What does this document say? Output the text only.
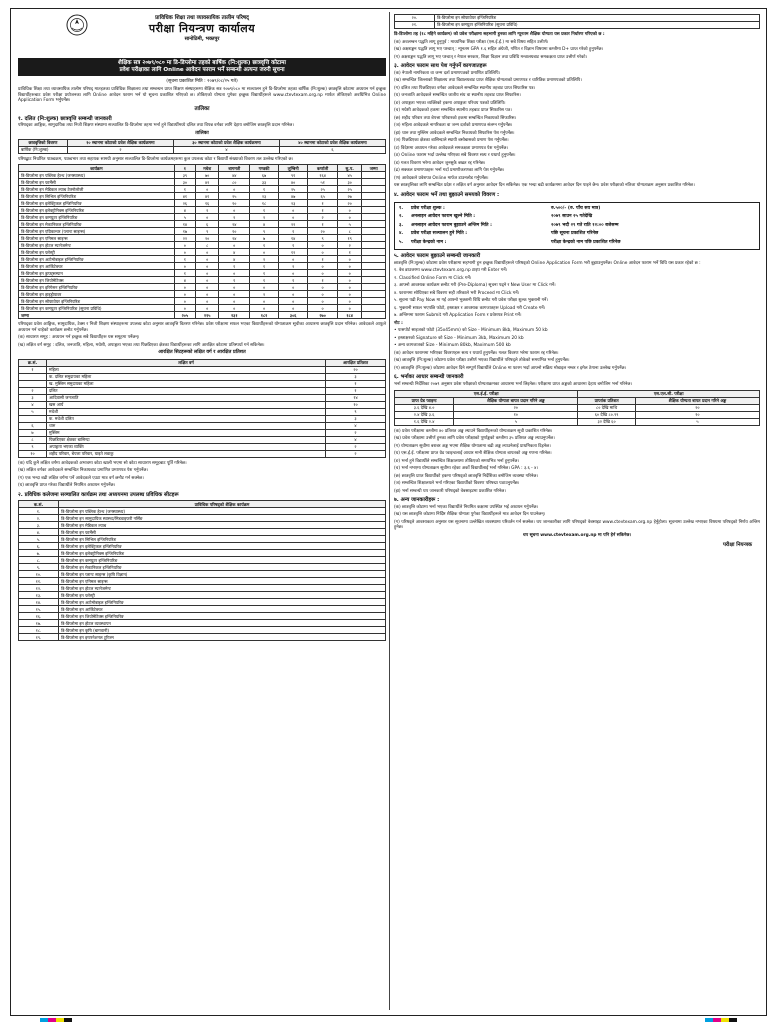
प्राविधिक शिक्षा तथा व्यावसायिक तालीम परिषद्
परीक्षा नियन्त्रण कार्यालय
सानोठिमी, भक्तपुर
शैक्षिक सत्र २०७९/०८० मा डि-डिप्लोमा तहको बार्षिक (नि:शुल्क) छात्रवृत्ति कोटामा
प्रवेश परीक्षाका लागि Online आवेदन फाराम भर्ने सम्बन्धी अत्यन्त जरुरी सूचना
(सूचना प्रकाशित मिति : २०७९/०८/२५ गते)

प्राविधिक शिक्षा तथा व्यावसायिक तालीम परिषद् मातहतका प्राविधिक शिक्षालय तथा सम्बन्धन प्राप्त शिक्षण संस्थाहरूमा शैक्षिक सत्र २०७९/०८० मा सञ्चालन हुने डि-डिप्लोमा तहका बार्षिक (नि:शुल्क) छात्रवृत्ति कोटामा अध्ययन गर्न इच्छुक विद्यार्थीहरूबाट प्रवेश परीक्षा प्रयोजनका लागि Online आवेदन फाराम भर्न यो सूचना प्रकाशित गरिएको छ। तोकिएको योग्यता पुगेका इच्छुक विद्यार्थीहरूले www.ctevtexam.org.np मार्फत तोकिएको अवधिभित्र Online Application Form भर्नुपर्नेछ।

तालिका
१. दलित (नि:शुल्क) छात्रवृत्ति सम्बन्धी जानकारी

परिषद्का आङ्गिक, सामुदायिक तथा निजी शिक्षण संस्थामा सञ्चालित डि-डिप्लोमा तहमा भर्ना हुने विद्यार्थीमध्ये दलित तथा विपन्न वर्गका लागि देहाय बमोजिम छात्रवृत्ति प्रदान गरिनेछ।

तालिका
छात्रवृत्तिको विवरण	१० स्थानमा कोटाको प्रवेश शैक्षिक कार्यक्रममा	३० स्थानमा कोटाको प्रवेश शैक्षिक कार्यक्रममा	४० स्थानमा कोटाको प्रवेश शैक्षिक कार्यक्रममा
बार्षिक (नि:शुल्क)	२	४	६

परिषद्बाट निर्धारित पाठ्यक्रम, पाठ्यभार तथा सहायक सामग्री अनुसार सञ्चालित डि-डिप्लोमा कार्यक्रमहरूमा कुल उपलब्ध कोटा र विद्यार्थी संख्याको विवरण तल उल्लेख गरिएको छ।

कार्यक्रम	१	मधेश	बागमती	गण्डकी	लुम्बिनी	कर्णाली	सु.प.	जम्मा
डि-डिप्लोमा इन पब्लिक हेल्थ (जनस्वास्थ्य)	३९	७०	४४	६७	९१	१६४	४५	
डि-डिप्लोमा इन फार्मेसी	३०	४२	८०	३३	४०	५१	३०	
डि-डिप्लोमा इन मेडिकल ल्याब टेक्नोलोजी	१	०	०	१	२५	२५	२५	
डि-डिप्लोमा इन सिभिल इन्जिनियरिङ	४१	४१	२५	२३	४७	६५	२७	
डि-डिप्लोमा इन इलेक्ट्रिकल इन्जिनियरिङ	२६	१६	१०	१८	२३	१	२०	
डि-डिप्लोमा इन इलेक्ट्रोनिक्स इन्जिनियरिङ	४	२	०	१	०	१	०	
डि-डिप्लोमा इन कम्प्युटर इन्जिनियरिङ	५	०	२	२	०	२	०	
डि-डिप्लोमा इन मेकानिकल इन्जिनियरिङ	१४	६	२४	४	२२	१	५	
डि-डिप्लोमा इन एग्रिकल्चर (प्लान्ट साइन्स)	१७	९	१०	९	१	२०	८	
डि-डिप्लोमा इन एनिमल साइन्स	२२	२०	२४	७	१४	९	१९	
डि-डिप्लोमा इन होटल म्यानेजमेन्ट	०	८	०	१	१	०	२	
डि-डिप्लोमा इन फरेस्ट्री	०	०	४	०	१२	०	१	
डि-डिप्लोमा इन अटोमोबाइल इन्जिनियरिङ	१	०	४	२	०	१	०	
डि-डिप्लोमा इन आर्किटेक्चर	०	०	१	१	२	०	०	
डि-डिप्लोमा इन ड्राफ्ट्सम्यान	१	०	०	१	०	०	०	
डि-डिप्लोमा इन जियोमेटिक्स	४	०	१	१	१	१	०	
डि-डिप्लोमा इन इरिगेसन इन्जिनियरिङ	०	०	०	०	०	०	०	
डि-डिप्लोमा इन हाइड्रोपावर	०	०	०	२	०	०	०	
डि-डिप्लोमा इन सोफ्टवेयर इन्जिनियरिङ	०	०	०	०	०	०	०	
डि-डिप्लोमा इन कम्प्युटर इन्जिनियरिङ (सूचना प्रविधि)	०	०	०	०	०	०	०	
जम्मा	२०५	२१५	२३१	१८२	३०६	२७०	१८४	

परिषद्का प्रवेश आङ्गिक, सामुदायिक, टेक्स र निजी शिक्षण संस्थाहरूमा उपलब्ध कोटा अनुसार छात्रवृत्ति वितरण गरिनेछ। प्रवेश परीक्षामा सफल भएका विद्यार्थीहरूको योग्यताक्रम सूचीका आधारमा छात्रवृत्ति प्रदान गरिनेछ। आवेदकले आफूले अध्ययन गर्न चाहेको कार्यक्रम छनौट गर्नुपर्नेछ।

(क) साधारण समूह : अध्ययन गर्न इच्छुक सबै विद्यार्थीहरू यस समूहमा पर्नेछन्।

(ख) लक्षित वर्ग समूह : दलित, जनजाति, महिला, मधेशी, अपाङ्गता भएका तथा पिछडिएका क्षेत्रका विद्यार्थीहरूका लागि आरक्षित कोटामा प्रतिस्पर्धा गर्न सकिनेछ।

आरक्षित सिटहरूको लक्षित वर्ग र आरक्षित प्रतिशत
क्र.सं.	लक्षित वर्ग	आरक्षित प्रतिशत
१	महिला	२०
	क. दलित समुदायका महिला	३
	ख. मुस्लिम समुदायका महिला	१
२	दलित	१
३	आदिवासी जनजाति	१४
४	खस आर्य	१०
५	मधेशी	९
	क. मधेशी दलित	३
६	थारु	४
७	मुस्लिम	२
८	पिछडिएका क्षेत्रका बासिन्दा	४
९	अपाङ्गता भएका व्यक्ति	२
१०	शहीद परिवार, बेपत्ता परिवार, घाइते लडाकु	२

(क) यदि कुनै लक्षित वर्गमा आवेदकको अभावमा कोटा खाली भएमा सो कोटा साधारण समूहबाट पूर्ति गरिनेछ।

(ख) लक्षित वर्गका आवेदकले सम्बन्धित निकायबाट प्रमाणित प्रमाणपत्र पेश गर्नुपर्नेछ।

(ग) एक भन्दा बढी लक्षित वर्गमा पर्ने आवेदकले एउटा मात्र वर्ग छनौट गर्न सक्नेछ।

(घ) छात्रवृत्ति प्राप्त गरेका विद्यार्थीले नियमित अध्ययन गर्नुपर्नेछ।

२. प्रविधिक कलेजमा सञ्चालित कार्यक्रम तथा अध्ययनमा उपलब्ध प्रविधिक सीटहरू
क.सं.	प्राविधिक परिषद्को शैक्षिक कार्यक्रम
१.	डि-डिप्लोमा इन पब्लिक हेल्थ (जनस्वास्थ्य)
२.	डि-डिप्लोमा इन सामुदायिक स्वास्थ्य/मिडवाइफरी नर्सिङ
३.	डि-डिप्लोमा इन मेडिकल ल्याब
४.	डि-डिप्लोमा इन फार्मेसी
५.	डि-डिप्लोमा इन सिभिल इन्जिनियरिङ
६.	डि-डिप्लोमा इन इलेक्ट्रिकल इन्जिनियरिङ
७.	डि-डिप्लोमा इन इलेक्ट्रोनिक्स इन्जिनियरिङ
८.	डि-डिप्लोमा इन कम्प्युटर इन्जिनियरिङ
९.	डि-डिप्लोमा इन मेकानिकल इन्जिनियरिङ
१०.	डि-डिप्लोमा इन प्लान्ट साइन्स (कृषि विज्ञान)
११.	डि-डिप्लोमा इन एनिमल साइन्स
१२.	डि-डिप्लोमा इन होटल म्यानेजमेन्ट
१३.	डि-डिप्लोमा इन फरेस्ट्री
१४.	डि-डिप्लोमा इन अटोमोबाइल इन्जिनियरिङ
१५.	डि-डिप्लोमा इन आर्किटेक्चर
१६.	डि-डिप्लोमा इन जियोमेटिक्स इन्जिनियरिङ
१७.	डि-डिप्लोमा इन होटल व्यवस्थापन
१८.	डि-डिप्लोमा इन कृषि (बागवानी)
१९.	डि-डिप्लोमा इन इन्टरनेशनल टूरिज्म
२०.	डि-डिप्लोमा इन सोफ्टवेयर इन्जिनियरिङ
२१.	डि-डिप्लोमा इन कम्प्युटर इन्जिनियरिङ (सूचना प्रविधि)

डि-डिप्लोमा तह (१८ महिने कार्यक्रम) को प्रवेश परीक्षामा सहभागी हुनका लागि न्यूनतम शैक्षिक योग्यता यस प्रकार निर्धारण गरिएको छ :

(क) अवलम्बन पद्धति लागू हुनुपूर्व : माध्यमिक शिक्षा परीक्षा (एस.ई.ई.) मा सबै विषय सहित उत्तीर्ण।

(ख) अक्षराङ्कन पद्धति लागू भए पश्चात् : न्यूनतम GPA १.६ सहित अंग्रेजी, गणित र विज्ञान विषयमा कम्तीमा D+ प्राप्त गरेको हुनुपर्नेछ।

(ग) अक्षराङ्कन पद्धति लागू भए पश्चात् र नेपाल सरकार, शिक्षा विज्ञान तथा प्रविधि मन्त्रालयबाट समकक्षता प्राप्त उत्तीर्ण गरेको।

३. आवेदन फाराम साथ पेश गर्नुपर्ने कागजातहरू

(क) नेपाली नागरिकता वा जन्म दर्ता प्रमाणपत्रको प्रमाणित प्रतिलिपि।

(ख) सम्बन्धित जिल्लाको शिक्षालय तथा विद्यालयबाट प्राप्त शैक्षिक योग्यताको प्रमाणपत्र र चारित्रिक प्रमाणपत्रको प्रतिलिपि।

(ग) दलित तथा पिछडिएका वर्गका आवेदकले सम्बन्धित स्थानीय तहबाट प्राप्त सिफारिस पत्र।

(घ) जनजाति आवेदकले सम्बन्धित जातीय संघ वा स्थानीय तहबाट प्राप्त सिफारिस।

(ङ) अपाङ्गता भएका व्यक्तिको हकमा अपाङ्गता परिचय पत्रको प्रतिलिपि।

(च) मधेशी आवेदकको हकमा सम्बन्धित स्थानीय तहबाट प्राप्त सिफारिस पत्र।

(छ) शहीद परिवार तथा बेपत्ता परिवारको हकमा सम्बन्धित निकायको सिफारिस।

(ज) महिला आवेदकले नागरिकता वा जन्म दर्ताको प्रमाणपत्र संलग्न गर्नुपर्नेछ।

(झ) थारु तथा मुस्लिम आवेदकले सम्बन्धित निकायको सिफारिस पेश गर्नुपर्नेछ।

(ञ) पिछडिएका क्षेत्रका बासिन्दाले स्थायी बसोबासको प्रमाण पेश गर्नुपर्नेछ।

(ट) विदेशमा अध्ययन गरेका आवेदकले समकक्षता प्रमाणपत्र पेश गर्नुपर्नेछ।

(ठ) Online फाराम भर्दा उल्लेख गरिएका सबै विवरण सत्य र यथार्थ हुनुपर्नेछ।

(ड) गलत विवरण भरेमा आवेदन जुनसुकै बखत रद्द गरिनेछ।

(ढ) सक्कल प्रमाणपत्रहरू भर्ना गर्दा प्रमाणीकरणका लागि पेश गर्नुपर्नेछ।

(ण) आवेदकले प्रवेशपत्र Online मार्फत डाउनलोड गर्नुपर्नेछ।

यस छात्रवृत्तिका लागि सम्बन्धित प्रदेश र लक्षित वर्ग अनुसार आवेदन दिन सकिनेछ। एक भन्दा बढी कार्यक्रममा आवेदन दिन पाइने छैन। प्रवेश परीक्षाको नतिजा योग्यताक्रम अनुसार प्रकाशित गरिनेछ।

४. आवेदन फाराम भर्ने तथा बुझाउने समयको विवरण :
१.	प्रवेश परीक्षा शुल्क :	रु.५००/- (रु. पाँच सय मात्र)
२.	अनलाइन आवेदन फाराम खुल्ने मिति :	२०७९ साउन २५ गतेदेखि
३.	अनलाइन आवेदन फाराम बुझाउने अन्तिम मिति :	२०७९ भदौ २९ गते राति १२:०० बजेसम्म
४.	प्रवेश परीक्षा सञ्चालन हुने मिति :	पछि सूचना प्रकाशित गरिनेछ
५.	परीक्षा केन्द्रको नाम :	परीक्षा केन्द्रको नाम पछि प्रकाशित गरिनेछ
५. आवेदन फाराम बुझाउने सम्बन्धी जानकारी

छात्रवृत्ति (नि:शुल्क) कोटामा प्रवेश परीक्षामा सहभागी हुन इच्छुक विद्यार्थीहरूले परिषद्को Online Application Form भरी बुझाउनुपर्नेछ। Online आवेदन फाराम भर्ने विधि यस प्रकार रहेको छ :

१. वेब ब्राउजरमा www.ctevtexam.org.np टाइप गरी Enter गर्ने।

२. Classified Online Form मा Click गर्ने।

३. आफ्नो आवश्यक कार्यक्रम छनौट गरी (Pre-Diploma) सूचना पढ्ने र New User मा Click गर्ने।

४. फाराममा सोधिएका सबै विवरण सही तरिकाले भरी Proceed मा Click गर्ने।

५. सूचना पढी Pay Now मा गई आफ्नो भुक्तानी विधि छनौट गरी प्रवेश परीक्षा शुल्क भुक्तानी गर्ने।

६. भुक्तानी सफल भएपछि फोटो, हस्ताक्षर र आवश्यक कागजातहरू Upload गरी Create गर्ने।

७. अन्तिममा फाराम Submit गरी Application Form र प्रवेशपत्र Print गर्ने।

नोट :

• पासपोर्ट साइजको फोटो (35x45mm) को Size - Minimum 8kb, Maximum 50 kb

• हस्ताक्षरको Signature को Size - Minimum 3kb, Maximum 20 kb

• अन्य कागजातको Size - Minimum 80kb, Maximum 500 kb

(क) आवेदन फाराममा भरिएका विवरणहरू सत्य र यथार्थ हुनुपर्नेछ। गलत विवरण भरेमा फाराम रद्द गरिनेछ।

(ख) छात्रवृत्ति (नि:शुल्क) कोटामा प्रवेश परीक्षा उत्तीर्ण भएका विद्यार्थीले परिषद्ले तोकेको समयभित्र भर्ना हुनुपर्नेछ।

(ग) छात्रवृत्ति (नि:शुल्क) कोटामा आवेदन दिने सम्पूर्ण विद्यार्थीले Online मा फारम भर्दा आफ्नो सक्रिय मोबाइल नम्बर र इमेल ठेगाना उल्लेख गर्नुपर्नेछ।

६. भर्नाका आधार सम्बन्धी जानकारी

भर्ना सम्बन्धी निर्देशिका २०७९ अनुसार प्रवेश परीक्षाको योग्यताक्रमका आधारमा भर्ना लिइनेछ। परीक्षामा प्राप्त अङ्कको आधारमा देहाय बमोजिम भर्ना गरिनेछ।

एस.ई.ई. परीक्षा		एस.एल.सी. परीक्षा	
प्राप्त ग्रेड प्वाइन्ट	शैक्षिक योग्यता बापत प्रदान गरिने अङ्क	प्राप्तांक प्रतिशत	शैक्षिक योग्यता बापत प्रदान गरिने अङ्क
३.६ देखि ४.०	२०	८० देखि माथि	२०
२.४ देखि ३.६	१०	६० देखि ८०.९९	१०
१.६ देखि २.४	५	३२ देखि ६०	५

(क) प्रवेश परीक्षामा कम्तीमा ४० प्रतिशत अङ्क ल्याउने विद्यार्थीहरूको योग्यताक्रम सूची प्रकाशित गरिनेछ।

(ख) प्रवेश परीक्षामा उत्तीर्ण हुनका लागि प्रवेश परीक्षाको पूर्णाङ्कको कम्तीमा ३५ प्रतिशत अङ्क ल्याउनुपर्नेछ।

(ग) योग्यताक्रम सूचीमा बराबर अङ्क भएमा शैक्षिक योग्यतामा बढी अङ्क ल्याउनेलाई प्राथमिकता दिइनेछ।

(घ) एस.ई.ई. परीक्षामा प्राप्त ग्रेड प्वाइन्टलाई आधार मानी शैक्षिक योग्यता बापतको अङ्क गणना गरिनेछ।

(ङ) भर्ना हुने विद्यार्थीले सम्बन्धित शिक्षालयमा तोकिएको समयभित्र भर्ना हुनुपर्नेछ।

(च) भर्ना नभएमा योग्यताक्रम सूचीमा रहेका अर्को विद्यार्थीलाई भर्ना गरिनेछ। GPA : ३.६ - ४।

(छ) छात्रवृत्ति प्राप्त विद्यार्थीको हकमा परिषद्को छात्रवृत्ति निर्देशिका बमोजिम व्यवस्था गरिनेछ।

(ज) सम्बन्धित शिक्षालयले भर्ना गरिएका विद्यार्थीको विवरण परिषद्मा पठाउनुपर्नेछ।

(झ) भर्ना सम्बन्धी थप जानकारी परिषद्को वेबसाइटमा प्रकाशित गरिनेछ।

७. अन्य जानकारीहरू :

(क) छात्रवृत्ति कोटामा भर्ना भएका विद्यार्थीले नियमित कक्षामा उपस्थित भई अध्ययन गर्नुपर्नेछ।

(ख) यस छात्रवृत्ति कोटामा निर्दिष्ट शैक्षिक योग्यता पुगेका विद्यार्थीहरूले मात्र आवेदन दिन पाउनेछन्।

(ग) परिषद्ले आवश्यकता अनुसार यस सूचनामा उल्लेखित व्यवस्थामा परिवर्तन गर्न सक्नेछ। थप जानकारीका लागि परिषद्को वेबसाइट www.ctevtexam.org.np हेर्नुहोला। सूचनामा उल्लेख नभएका विषयमा परिषद्को निर्णय अन्तिम हुनेछ।

थप सूचना www.ctevtexam.org.np मा पनि हेर्न सकिनेछ।

परीक्षा नियन्त्रक
